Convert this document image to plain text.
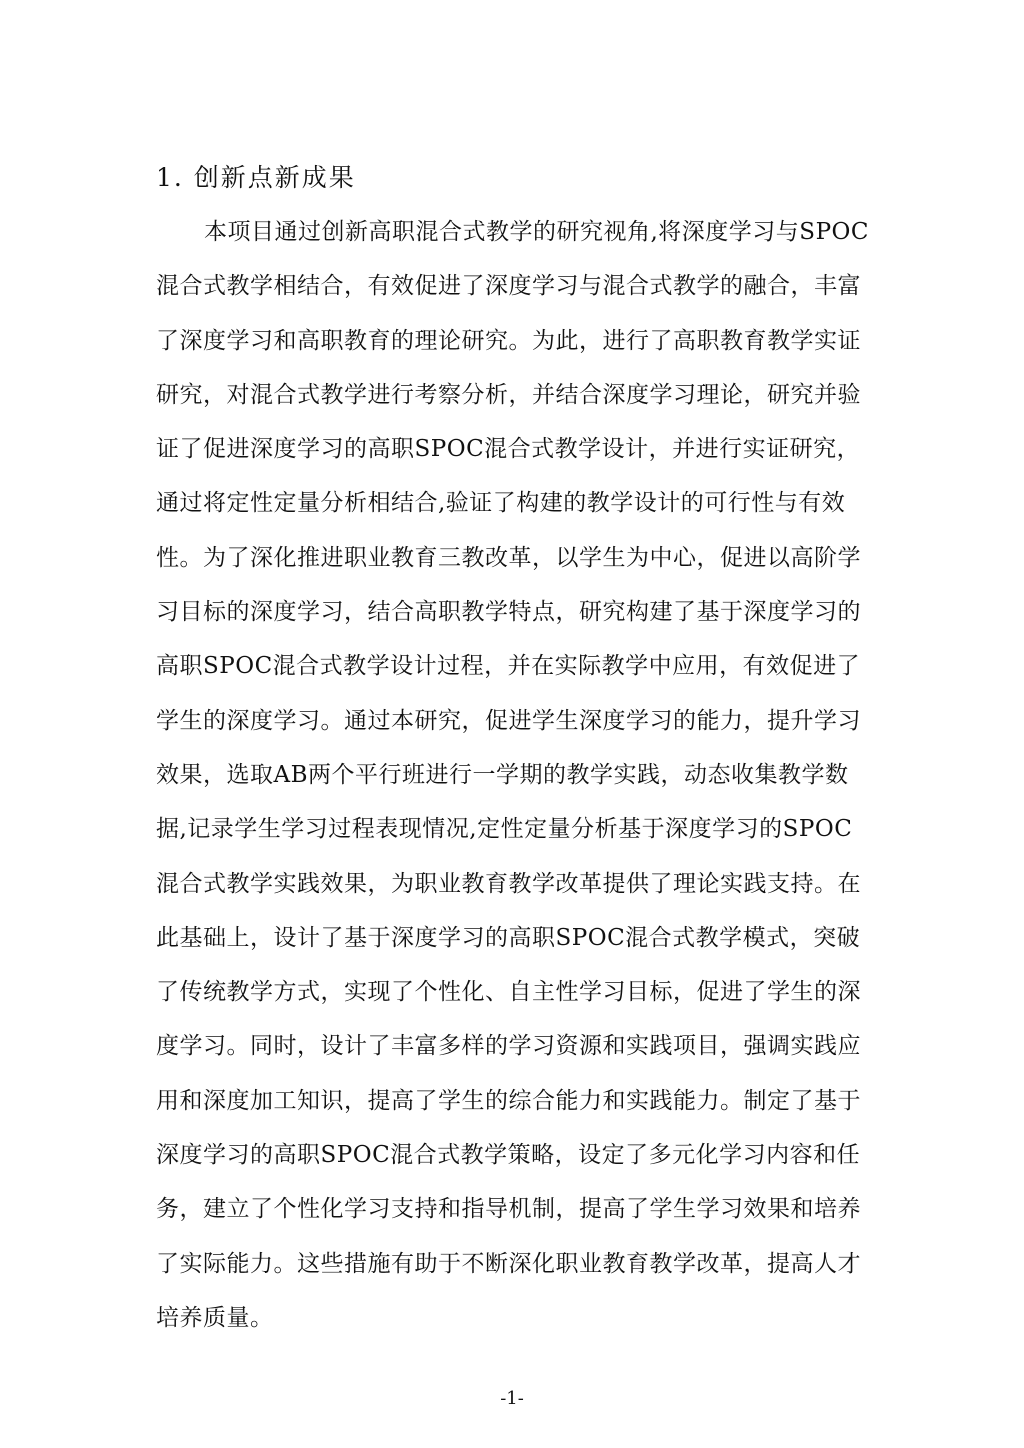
1. 创新点新成果
本项目通过创新高职混合式教学的研究视角,将深度学习与SPOC
混合式教学相结合，有效促进了深度学习与混合式教学的融合，丰富
了深度学习和高职教育的理论研究。为此，进行了高职教育教学实证
研究，对混合式教学进行考察分析，并结合深度学习理论，研究并验
证了促进深度学习的高职SPOC混合式教学设计，并进行实证研究，
通过将定性定量分析相结合,验证了构建的教学设计的可行性与有效
性。为了深化推进职业教育三教改革，以学生为中心，促进以高阶学
习目标的深度学习，结合高职教学特点，研究构建了基于深度学习的
高职SPOC混合式教学设计过程，并在实际教学中应用，有效促进了
学生的深度学习。通过本研究，促进学生深度学习的能力，提升学习
效果，选取AB两个平行班进行一学期的教学实践，动态收集教学数
据,记录学生学习过程表现情况,定性定量分析基于深度学习的SPOC
混合式教学实践效果，为职业教育教学改革提供了理论实践支持。在
此基础上，设计了基于深度学习的高职SPOC混合式教学模式，突破
了传统教学方式，实现了个性化、自主性学习目标，促进了学生的深
度学习。同时，设计了丰富多样的学习资源和实践项目，强调实践应
用和深度加工知识，提高了学生的综合能力和实践能力。制定了基于
深度学习的高职SPOC混合式教学策略，设定了多元化学习内容和任
务，建立了个性化学习支持和指导机制，提高了学生学习效果和培养
了实际能力。这些措施有助于不断深化职业教育教学改革，提高人才
培养质量。
-1-
